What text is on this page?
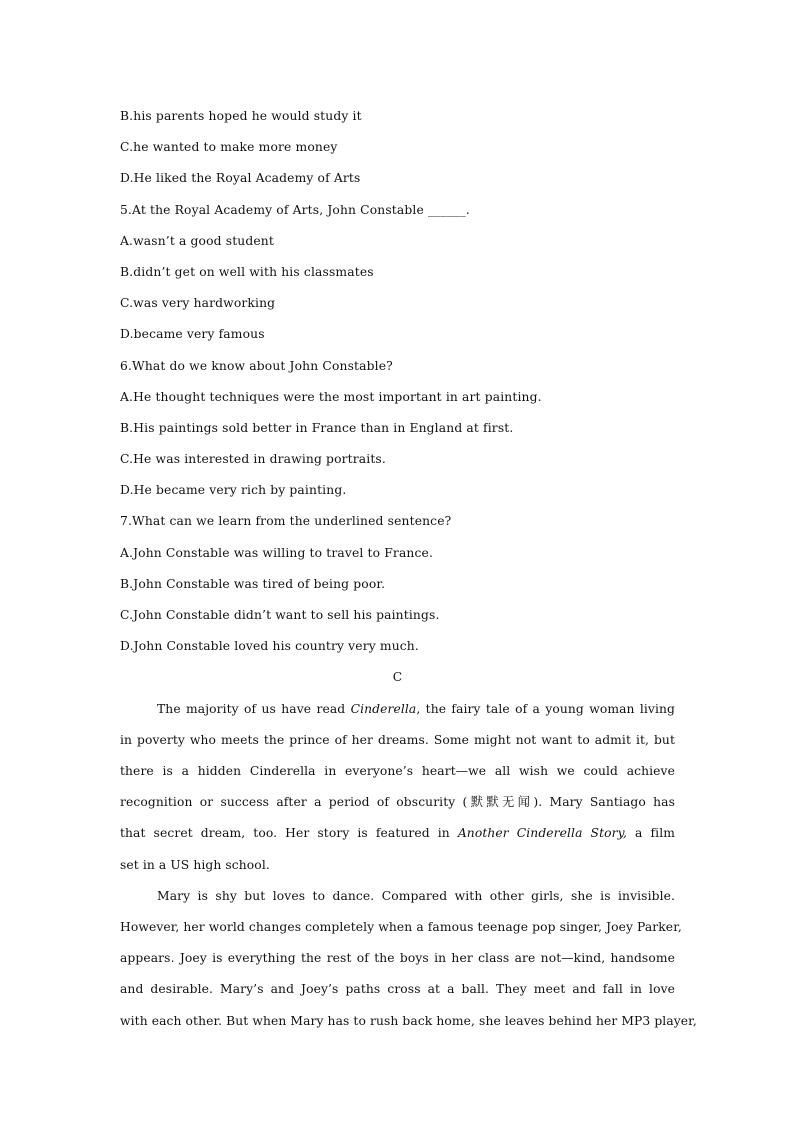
B.his parents hoped he would study it
C.he wanted to make more money
D.He liked the Royal Academy of Arts
5.At the Royal Academy of Arts, John Constable ______.
A.wasn’t a good student
B.didn’t get on well with his classmates
C.was very hardworking
D.became very famous
6.What do we know about John Constable?
A.He thought techniques were the most important in art painting.
B.His paintings sold better in France than in England at first.
C.He was interested in drawing portraits.
D.He became very rich by painting.
7.What can we learn from the underlined sentence?
A.John Constable was willing to travel to France.
B.John Constable was tired of being poor.
C.John Constable didn’t want to sell his paintings.
D.John Constable loved his country very much.
C
The majority of us have read Cinderella, the fairy tale of a young woman living
in poverty who meets the prince of her dreams. Some might not want to admit it, but
there is a hidden Cinderella in everyone’s heart—we all wish we could achieve
recognition or success after a period of obscurity (默默无闻). Mary Santiago has
that secret dream, too. Her story is featured in Another Cinderella Story, a film
set in a US high school.
Mary is shy but loves to dance. Compared with other girls, she is invisible.
However, her world changes completely when a famous teenage pop singer, Joey Parker,
appears. Joey is everything the rest of the boys in her class are not—kind, handsome
and desirable. Mary’s and Joey’s paths cross at a ball. They meet and fall in love
with each other. But when Mary has to rush back home, she leaves behind her MP3 player,
